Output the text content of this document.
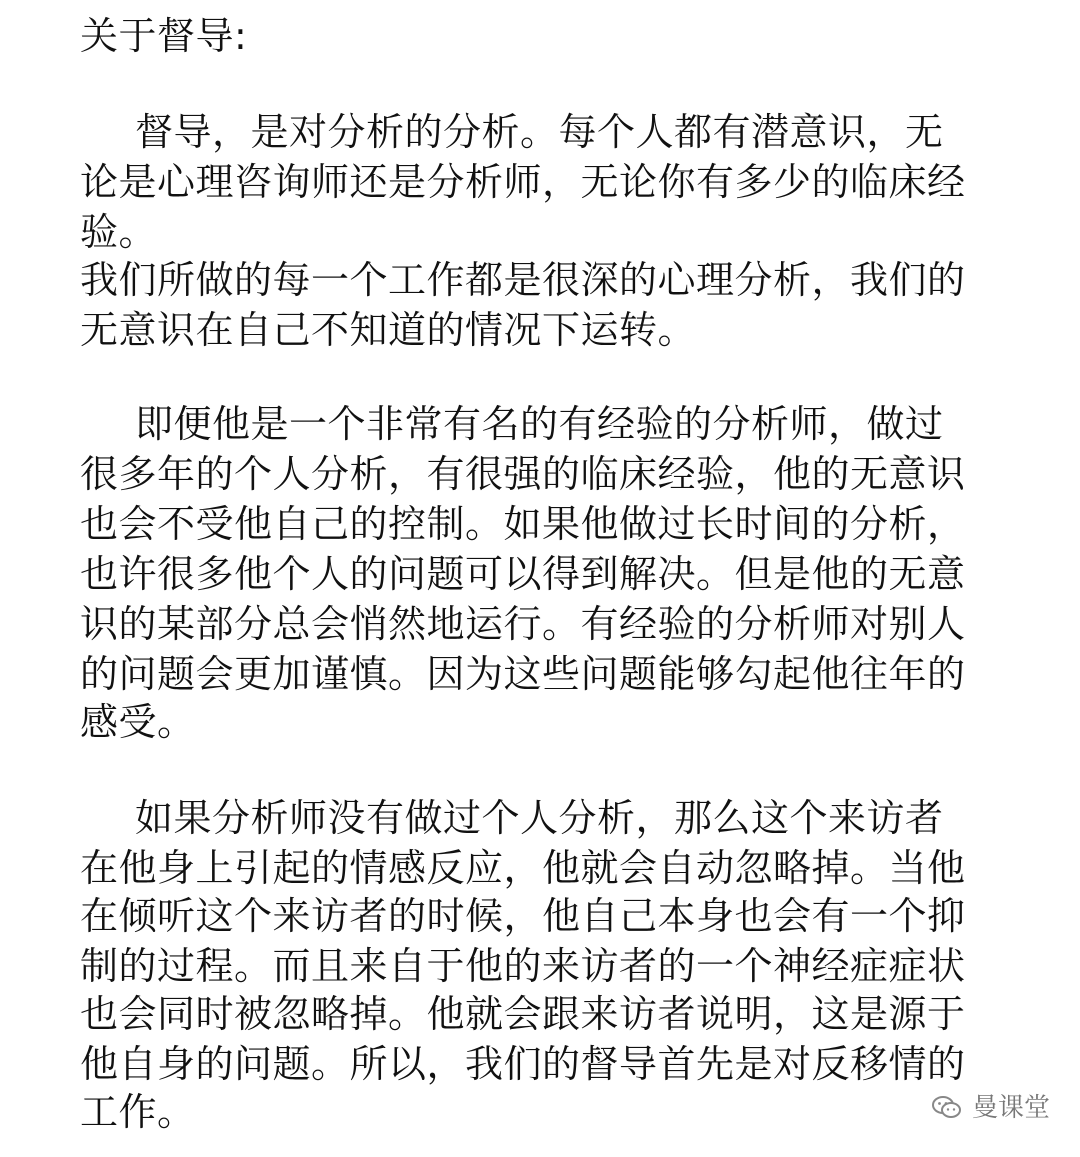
关于督导:
督导，是对分析的分析。每个人都有潜意识，无
论是心理咨询师还是分析师，无论你有多少的临床经
验。
我们所做的每一个工作都是很深的心理分析，我们的
无意识在自己不知道的情况下运转。
即便他是一个非常有名的有经验的分析师，做过
很多年的个人分析，有很强的临床经验，他的无意识
也会不受他自己的控制。如果他做过长时间的分析，
也许很多他个人的问题可以得到解决。但是他的无意
识的某部分总会悄然地运行。有经验的分析师对别人
的问题会更加谨慎。因为这些问题能够勾起他往年的
感受。
如果分析师没有做过个人分析，那么这个来访者
在他身上引起的情感反应，他就会自动忽略掉。当他
在倾听这个来访者的时候，他自己本身也会有一个抑
制的过程。而且来自于他的来访者的一个神经症症状
也会同时被忽略掉。他就会跟来访者说明，这是源于
他自身的问题。所以，我们的督导首先是对反移情的
工作。	曼课堂
